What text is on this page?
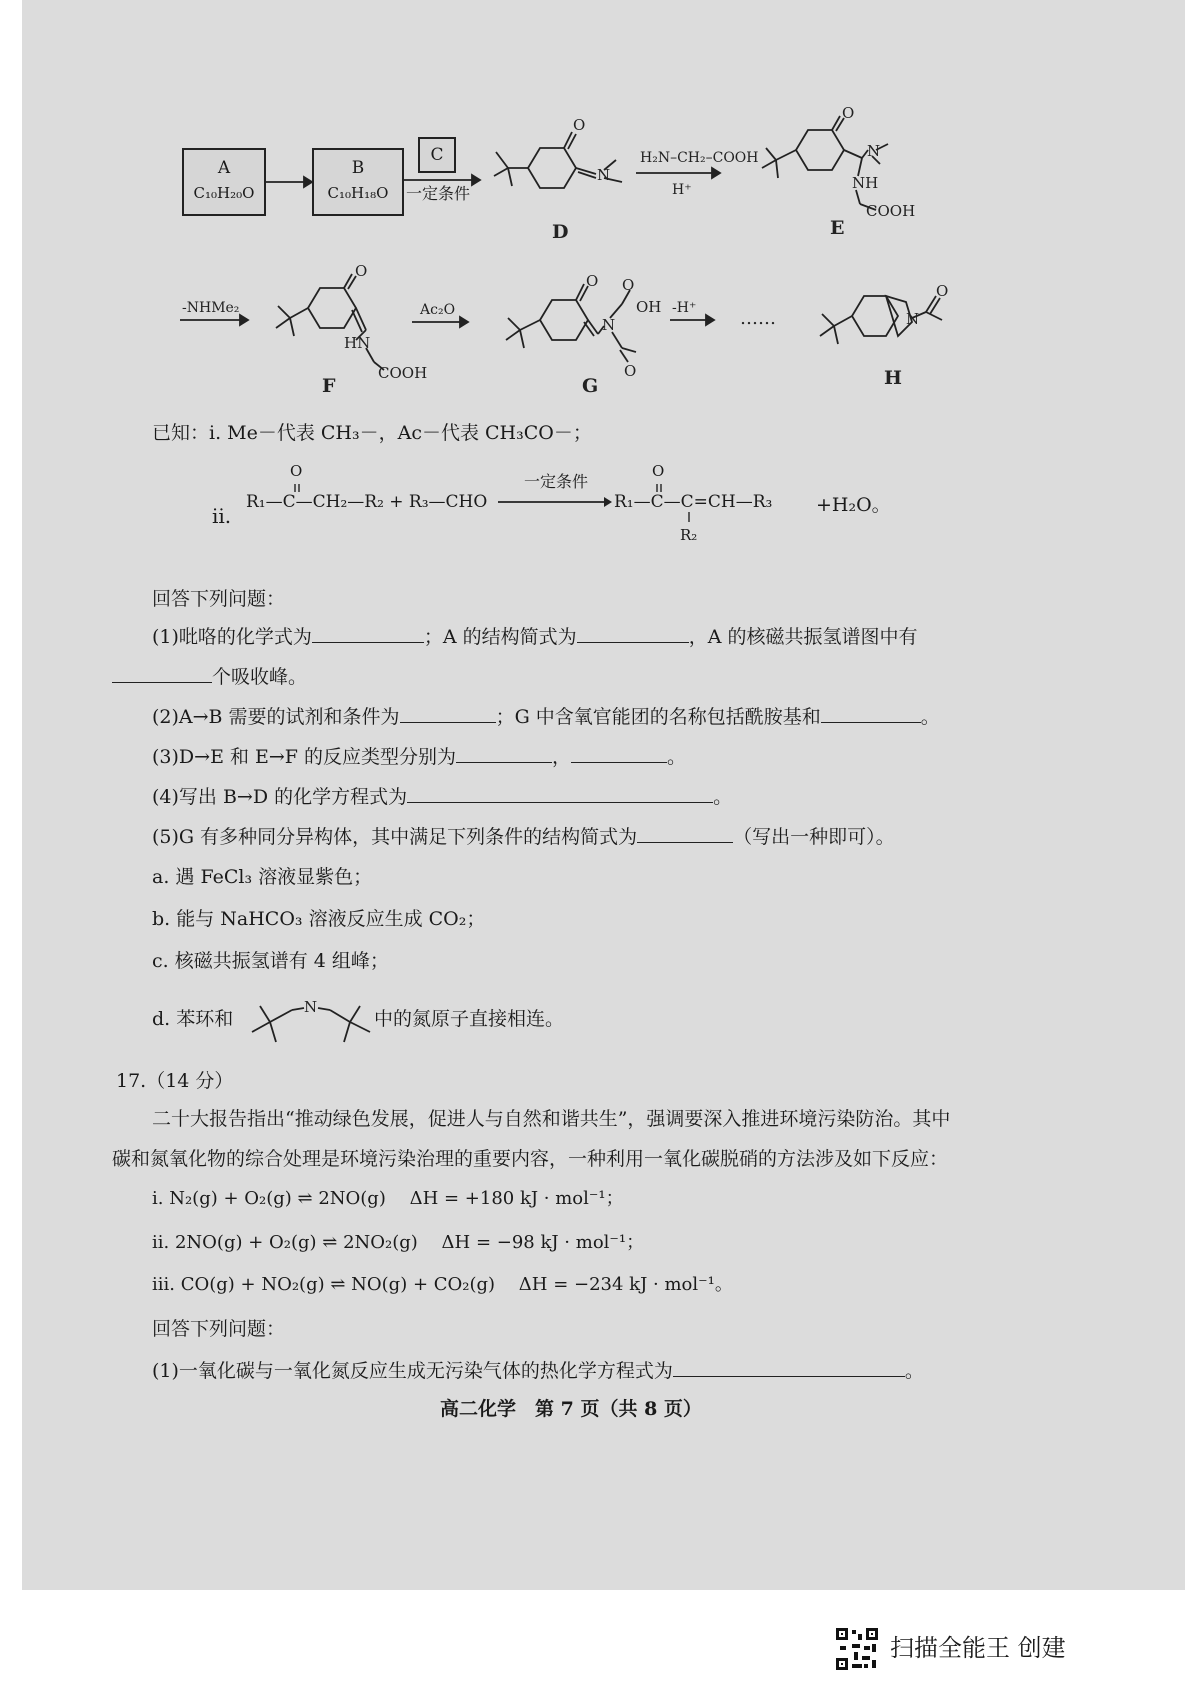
A
C₁₀H₂₀O
B
C₁₀H₁₈O
C
一定条件
O
N
O
N
NH
COOH
O
HN
COOH
O
N
O
OH
O
N
O
H₂N–CH₂–COOH
H⁺
-NHMe₂	Ac₂O	-H⁺
D	E
F	G	H
……
已知：ⅰ. Me－代表 CH₃－，Ac－代表 CH₃CO－；
ⅱ.
R₁—C—CH₂—R₂ + R₃—CHO
O
一定条件
R₁—C—C=CH—R₃
O
R₂
+H₂O。
回答下列问题：
(1)吡咯的化学式为	；A 的结构简式为	，A 的核磁共振氢谱图中有
个吸收峰。
(2)A→B 需要的试剂和条件为	；G 中含氧官能团的名称包括酰胺基和	。
(3)D→E 和 E→F 的反应类型分别为	，	。
(4)写出 B→D 的化学方程式为	。
(5)G 有多种同分异构体，其中满足下列条件的结构简式为	（写出一种即可）。
a. 遇 FeCl₃ 溶液显紫色；
b. 能与 NaHCO₃ 溶液反应生成 CO₂；
c. 核磁共振氢谱有 4 组峰；
d. 苯环和
N
中的氮原子直接相连。
17.（14 分）
二十大报告指出“推动绿色发展，促进人与自然和谐共生”，强调要深入推进环境污染防治。其中
碳和氮氧化物的综合处理是环境污染治理的重要内容，一种利用一氧化碳脱硝的方法涉及如下反应：
i. N₂(g) + O₂(g) ⇌ 2NO(g)　 ΔH = +180 kJ · mol⁻¹；
ii. 2NO(g) + O₂(g) ⇌ 2NO₂(g)　 ΔH = −98 kJ · mol⁻¹；
iii. CO(g) + NO₂(g) ⇌ NO(g) + CO₂(g)　 ΔH = −234 kJ · mol⁻¹。
回答下列问题：
(1)一氧化碳与一氧化氮反应生成无污染气体的热化学方程式为	。
高二化学　第 7 页（共 8 页）
扫描全能王 创建
